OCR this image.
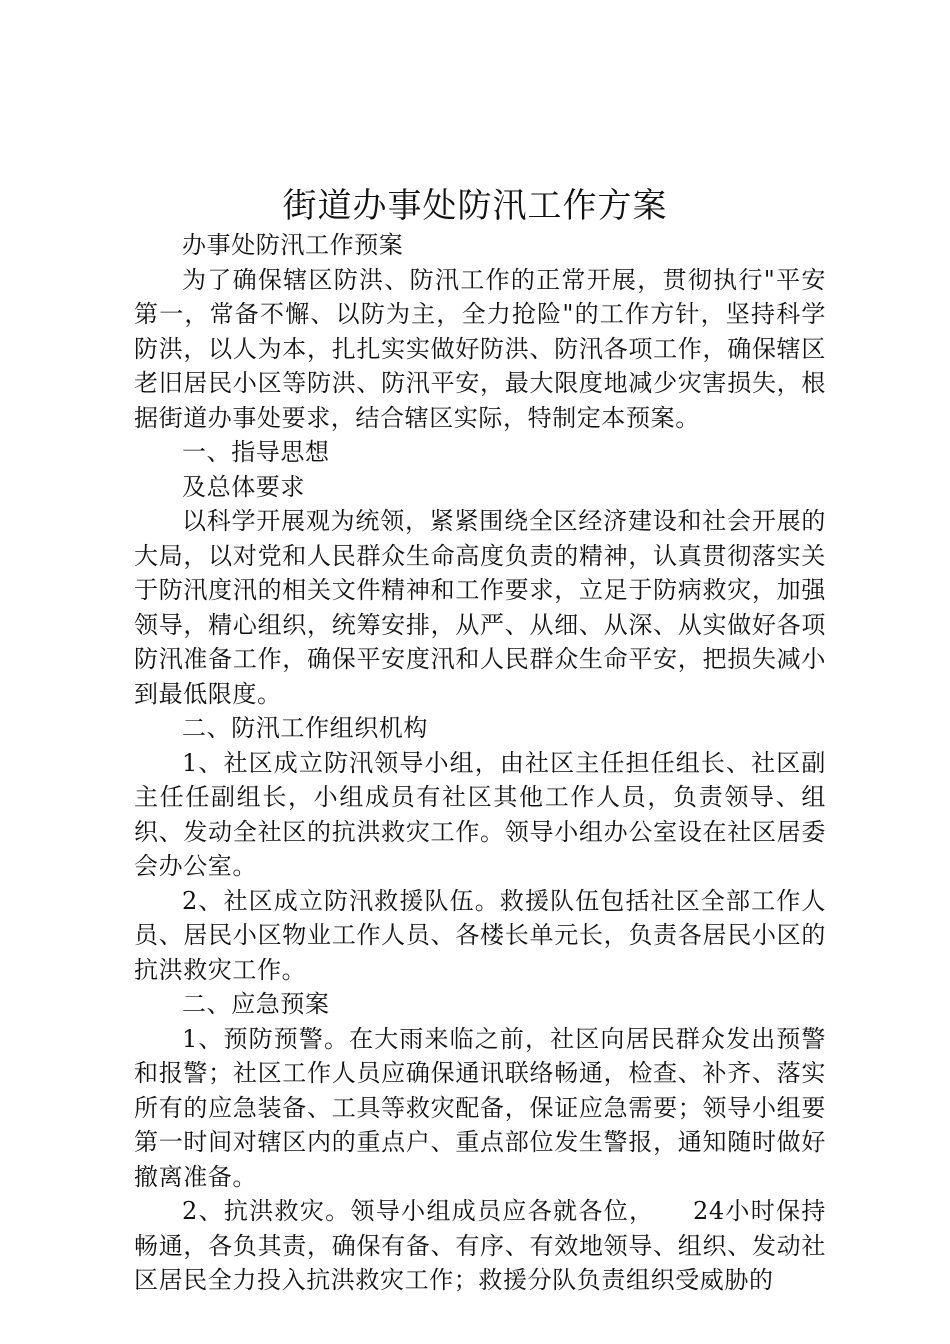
街道办事处防汛工作方案

办事处防汛工作预案

为了确保辖区防洪、防汛工作的正常开展，贯彻执行"平安第一，常备不懈、以防为主，全力抢险"的工作方针，坚持科学防洪，以人为本，扎扎实实做好防洪、防汛各项工作，确保辖区老旧居民小区等防洪、防汛平安，最大限度地减少灾害损失，根据街道办事处要求，结合辖区实际，特制定本预案。

一、指导思想

及总体要求

以科学开展观为统领，紧紧围绕全区经济建设和社会开展的大局，以对党和人民群众生命高度负责的精神，认真贯彻落实关于防汛度汛的相关文件精神和工作要求，立足于防病救灾，加强领导，精心组织，统筹安排，从严、从细、从深、从实做好各项防汛准备工作，确保平安度汛和人民群众生命平安，把损失减小到最低限度。

二、防汛工作组织机构

1、社区成立防汛领导小组，由社区主任担任组长、社区副主任任副组长，小组成员有社区其他工作人员，负责领导、组织、发动全社区的抗洪救灾工作。领导小组办公室设在社区居委会办公室。

2、社区成立防汛救援队伍。救援队伍包括社区全部工作人员、居民小区物业工作人员、各楼长单元长，负责各居民小区的抗洪救灾工作。

二、应急预案

1、预防预警。在大雨来临之前，社区向居民群众发出预警和报警；社区工作人员应确保通讯联络畅通，检查、补齐、落实所有的应急装备、工具等救灾配备，保证应急需要；领导小组要第一时间对辖区内的重点户、重点部位发生警报，通知随时做好撤离准备。

2、抗洪救灾。领导小组成员应各就各位，　　24小时保持畅通，各负其责，确保有备、有序、有效地领导、组织、发动社区居民全力投入抗洪救灾工作；救援分队负责组织受威胁的
